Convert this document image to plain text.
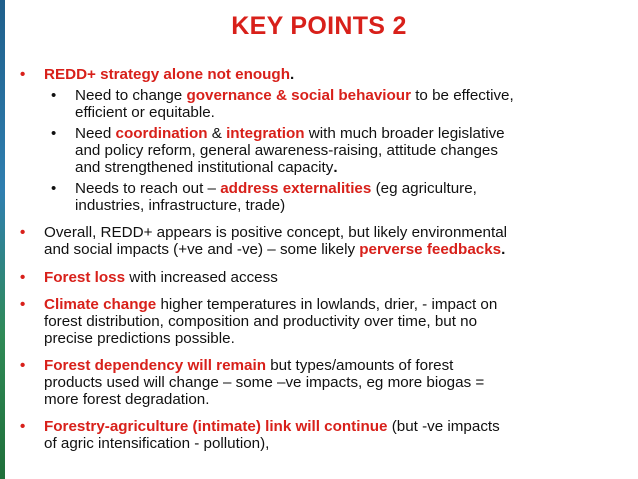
KEY POINTS 2
• REDD+ strategy alone not enough.
• Need to change governance & social behaviour to be effective,
efficient or equitable.
• Need coordination & integration with much broader legislative
and policy reform, general awareness-raising, attitude changes
and strengthened institutional capacity.
• Needs to reach out – address externalities (eg agriculture,
industries, infrastructure, trade)
• Overall, REDD+ appears is positive concept, but likely environmental
and social impacts (+ve and -ve) – some likely perverse feedbacks.
• Forest loss with increased access
• Climate change higher temperatures in lowlands, drier, - impact on
forest distribution, composition and productivity over time, but no
precise predictions possible.
• Forest dependency will remain but types/amounts of forest
products used will change – some –ve impacts, eg more biogas =
more forest degradation.
• Forestry-agriculture (intimate) link will continue (but -ve impacts
of agric intensification - pollution),
